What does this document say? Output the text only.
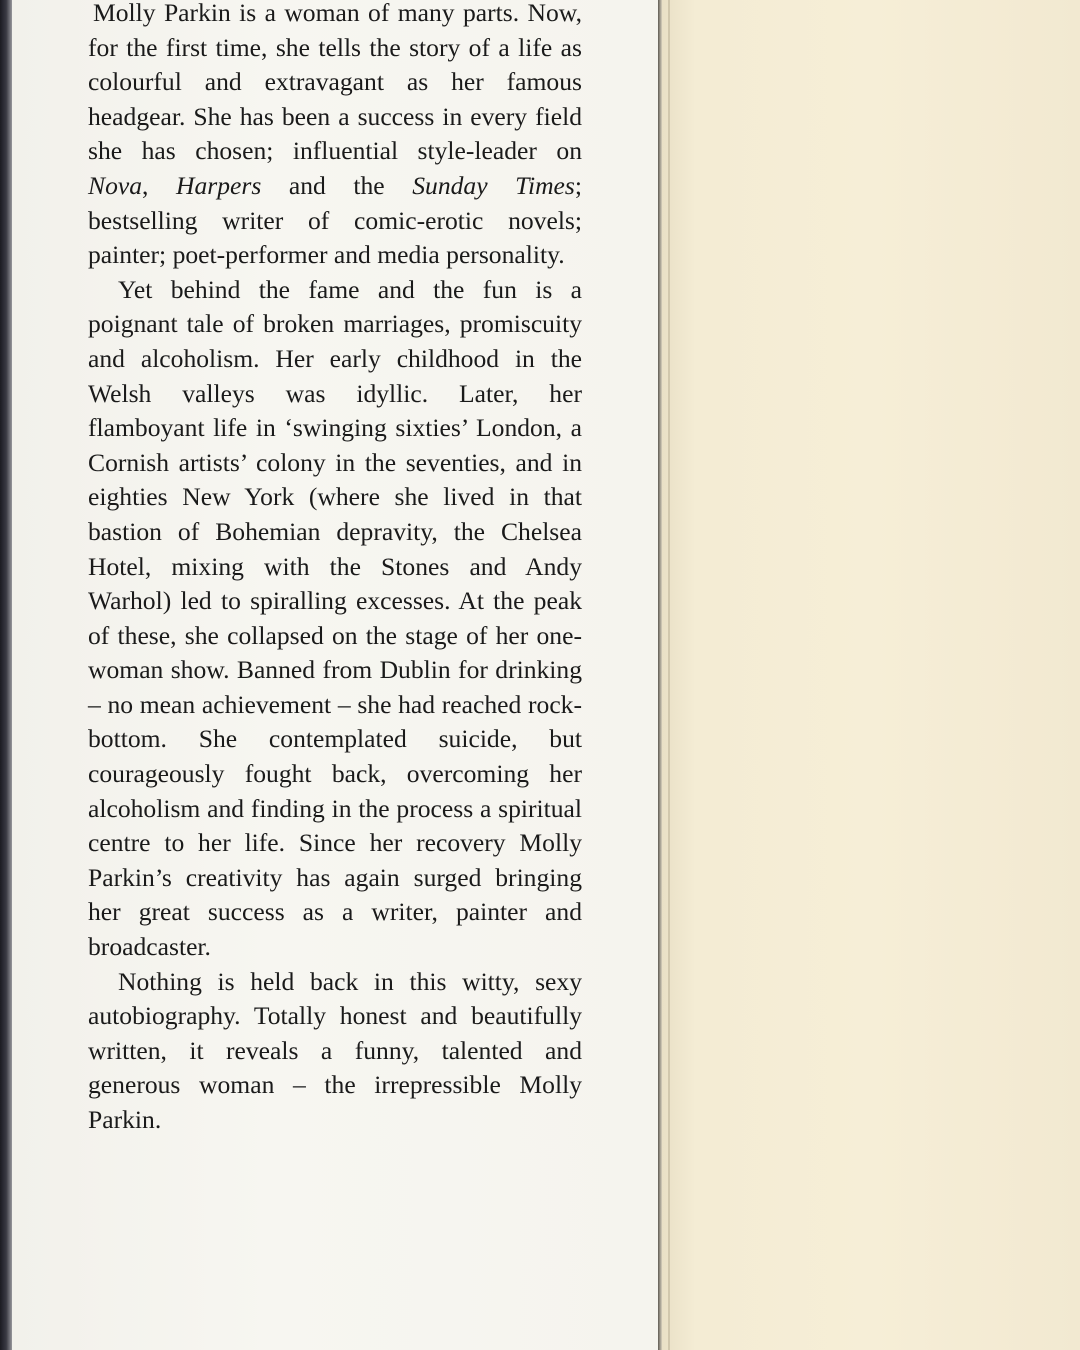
Molly Parkin is a woman of many parts. Now, for the first time, she tells the story of a life as colourful and extravagant as her famous headgear. She has been a success in every field she has chosen; influential style-leader on Nova, Harpers and the Sunday Times; bestselling writer of comic-erotic novels; painter; poet-performer and media personality.

Yet behind the fame and the fun is a poignant tale of broken marriages, promiscuity and alcoholism. Her early childhood in the Welsh valleys was idyllic. Later, her flamboyant life in ‘swinging sixties’ London, a Cornish artists’ colony in the seventies, and in eighties New York (where she lived in that bastion of Bohemian depravity, the Chelsea Hotel, mixing with the Stones and Andy Warhol) led to spiralling excesses. At the peak of these, she collapsed on the stage of her one-woman show. Banned from Dublin for drinking – no mean achievement – she had reached rock-bottom. She contemplated suicide, but courageously fought back, overcoming her alcoholism and finding in the process a spiritual centre to her life. Since her recovery Molly Parkin’s creativity has again surged bringing her great success as a writer, painter and broadcaster.

Nothing is held back in this witty, sexy autobiography. Totally honest and beautifully written, it reveals a funny, talented and generous woman – the irrepressible Molly Parkin.
